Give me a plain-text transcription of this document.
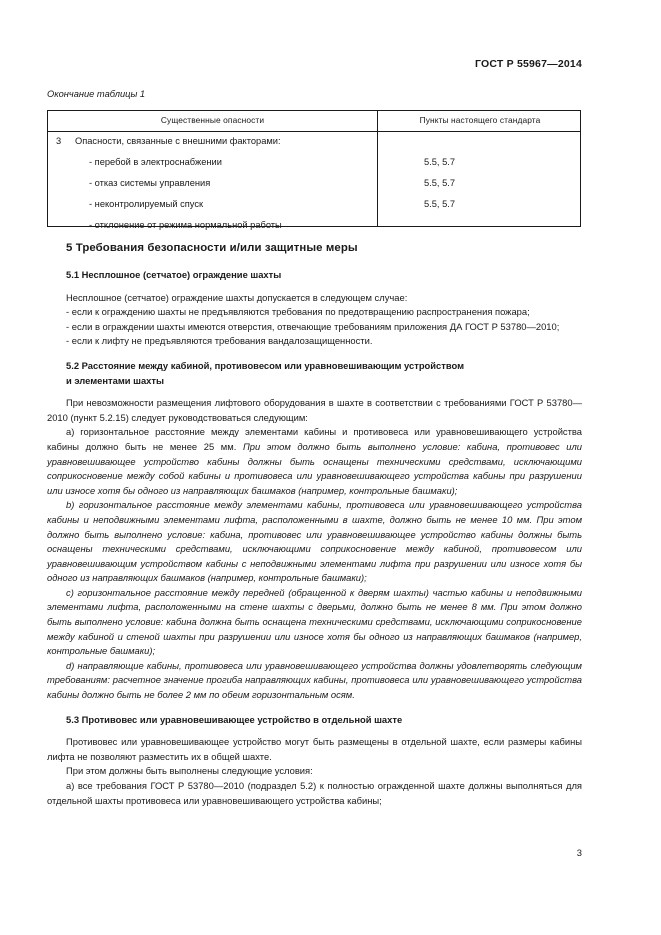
ГОСТ Р 55967—2014
Окончание таблицы 1
Существенные опасности	Пункты настоящего стандарта
3 Опасности, связанные с внешними факторами:
- перебой в электроснабжении	5.5, 5.7
- отказ системы управления	5.5, 5.7
- неконтролируемый спуск	5.5, 5.7
- отклонение от режима нормальной работы
5 Требования безопасности и/или защитные меры
5.1 Несплошное (сетчатое) ограждение шахты

Несплошное (сетчатое) ограждение шахты допускается в следующем случае:

- если к ограждению шахты не предъявляются требования по предотвращению распространения пожара;

- если в ограждении шахты имеются отверстия, отвечающие требованиям приложения ДА ГОСТ Р 53780—2010;

- если к лифту не предъявляются требования вандалозащищенности.

5.2 Расстояние между кабиной, противовесом или уравновешивающим устройством
и элементами шахты

При невозможности размещения лифтового оборудования в шахте в соответствии с требованиями ГОСТ Р 53780—2010 (пункт 5.2.15) следует руководствоваться следующим:

а) горизонтальное расстояние между элементами кабины и противовеса или уравновешивающего устройства кабины должно быть не менее 25 мм. При этом должно быть выполнено условие: кабина, противовес или уравновешивающее устройство кабины должны быть оснащены техническими средствами, исключающими соприкосновение между собой кабины и противовеса или уравновешивающего устройства кабины при разрушении или износе хотя бы одного из направляющих башмаков (например, контрольные башмаки);

b) горизонтальное расстояние между элементами кабины, противовеса или уравновешивающего устройства кабины и неподвижными элементами лифта, расположенными в шахте, должно быть не менее 10 мм. При этом должно быть выполнено условие: кабина, противовес или уравновешивающее устройство кабины должны быть оснащены техническими средствами, исключающими соприкосновение между кабиной, противовесом или уравновешивающим устройством кабины с неподвижными элементами лифта при разрушении или износе хотя бы одного из направляющих башмаков (например, контрольные башмаки);

c) горизонтальное расстояние между передней (обращенной к дверям шахты) частью кабины и неподвижными элементами лифта, расположенными на стене шахты с дверьми, должно быть не менее 8 мм. При этом должно быть выполнено условие: кабина должна быть оснащена техническими средствами, исключающими соприкосновение между кабиной и стеной шахты при разрушении или износе хотя бы одного из направляющих башмаков (например, контрольные башмаки);

d) направляющие кабины, противовеса или уравновешивающего устройства должны удовлетворять следующим требованиям: расчетное значение прогиба направляющих кабины, противовеса или уравновешивающего устройства кабины должно быть не более 2 мм по обеим горизонтальным осям.

5.3 Противовес или уравновешивающее устройство в отдельной шахте

Противовес или уравновешивающее устройство могут быть размещены в отдельной шахте, если размеры кабины лифта не позволяют разместить их в общей шахте.

При этом должны быть выполнены следующие условия:

а) все требования ГОСТ Р 53780—2010 (подраздел 5.2) к полностью огражденной шахте должны выполняться для отдельной шахты противовеса или уравновешивающего устройства кабины;

3
